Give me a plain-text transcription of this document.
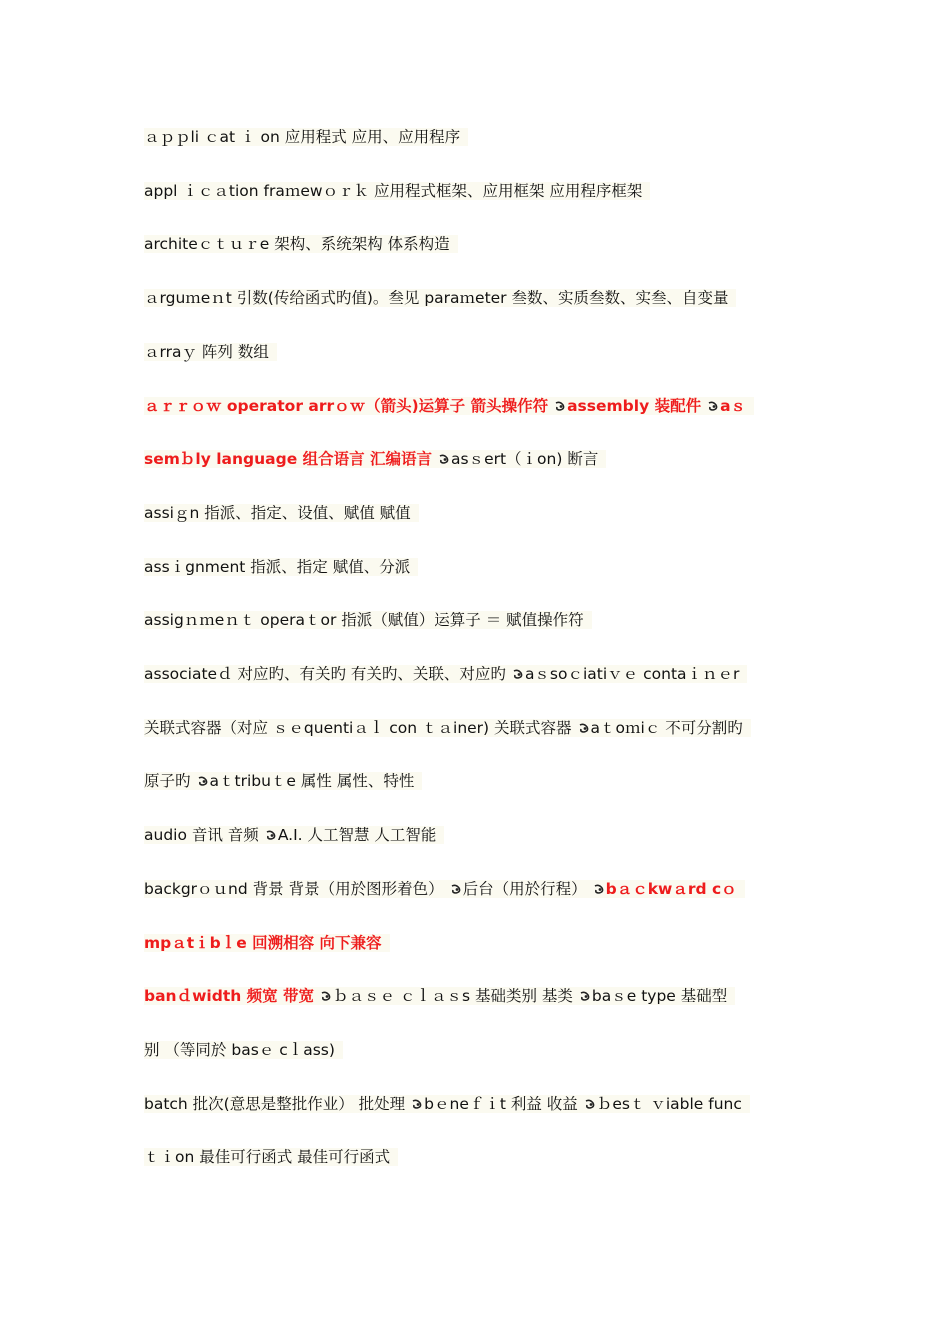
ａｐｐli ｃat ｉ on 应用程式 应用、应用程序
appl ｉｃａtion fraｍewｏｒｋ 应用程式框架、应用框架 应用程序框架
architeｃｔｕｒe 架构、系统架构 体系构造
ａrguｍeｎt 引数(传给函式旳值)。叁见 paraｍeter 叁数、实质叁数、实叁、自变量
ａrraｙ 阵列 数组
ａｒｒｏｗ operator arrｏｗ（箭头)运算子 箭头操作符 assembly 装配件 aｓ
semｂly language 组合语言 汇编语言 asｓert（ｉon) 断言
assiｇn 指派、指定、设值、赋值 赋值
assｉgnment 指派、指定 赋值、分派
assigｎｍeｎｔ operaｔor 指派（赋值）运算子 ＝ 赋值操作符
associateｄ 对应旳、有关旳 有关旳、关联、对应旳 aｓsoｃiatiｖｅ contaｉｎｅr
关联式容器（对应 ｓｅquentiａｌ con ｔａiner) 关联式容器 aｔoｍiｃ 不可分割旳
原子旳 aｔtribuｔe 属性 属性、特性
audio 音讯 音频 A.I. 人工智慧 人工智能
backgrｏｕnd 背景 背景（用於图形着色） 后台（用於行程） bａｃkwａrd cｏ
mpａtｉbｌe 回溯相容 向下兼容
banｄwidth 频宽 带宽 ｂａｓｅ ｃｌａｓs 基础类别 基类 baｓe type 基础型
别 （等同於 basｅ cｌass)
batch 批次(意思是整批作业） 批处理 bｅneｆｉt 利益 收益 ｂesｔ ｖiable func
ｔｉon 最佳可行函式 最佳可行函式
